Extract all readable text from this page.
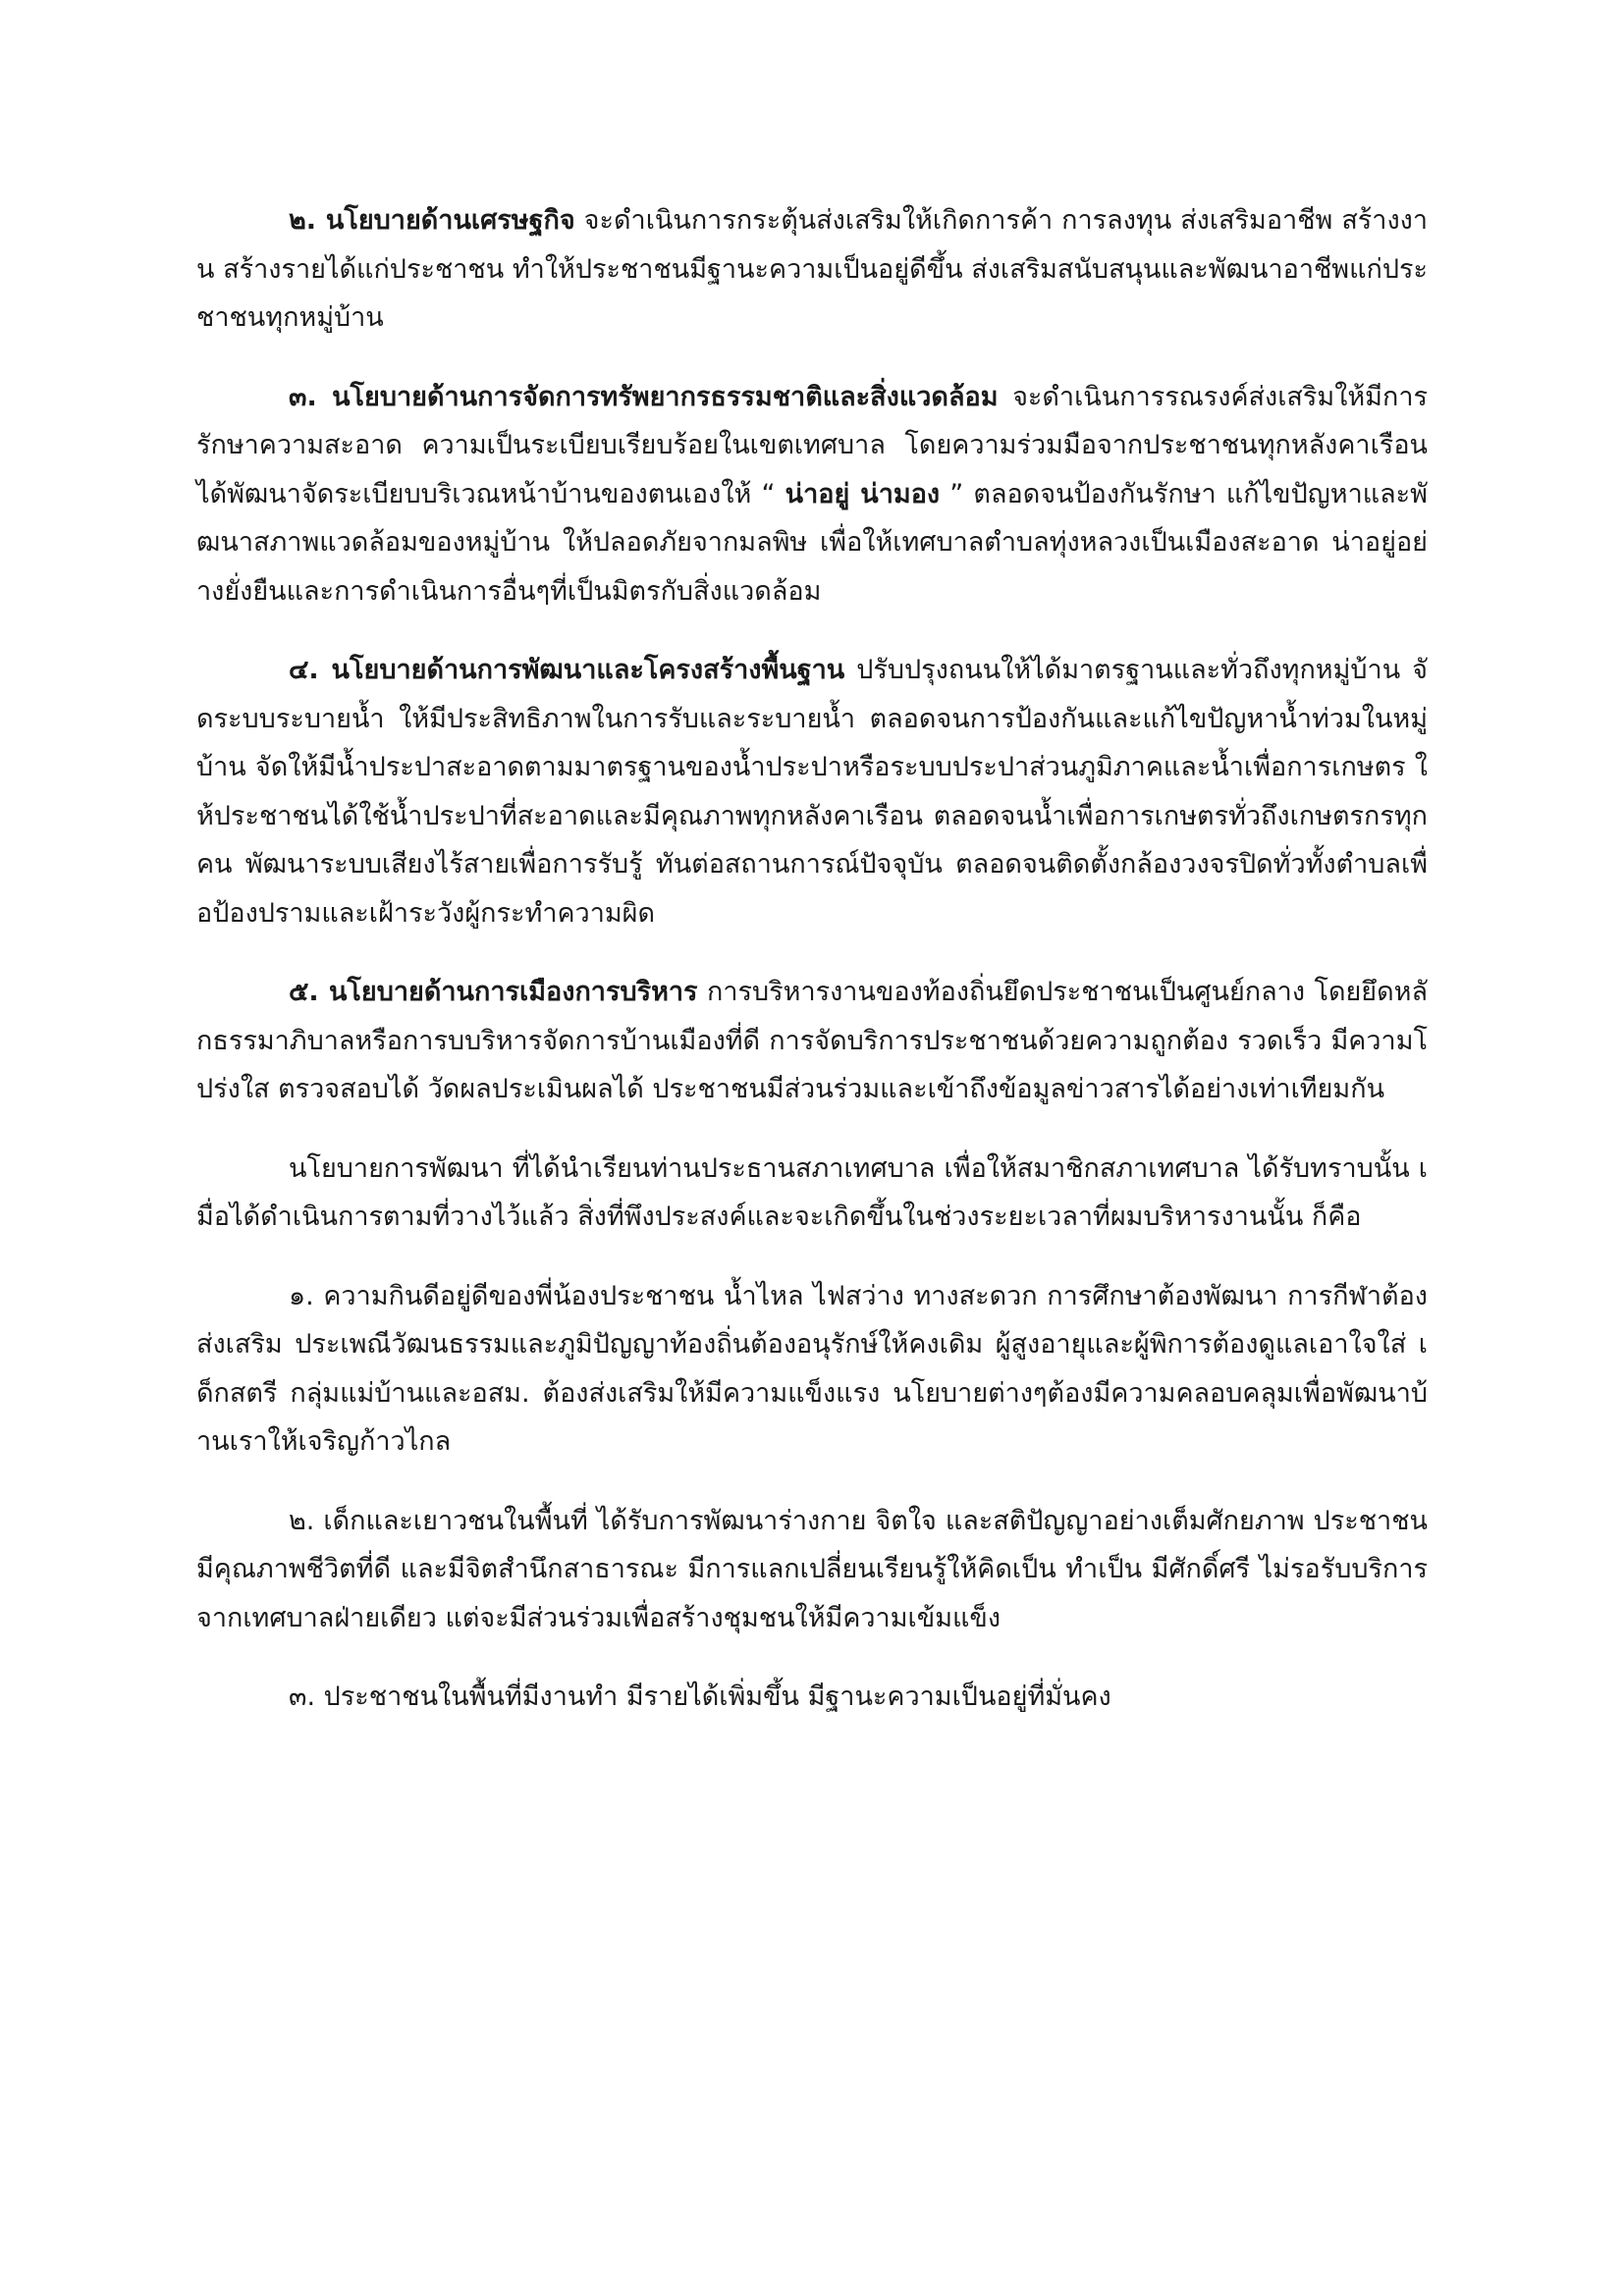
๒. นโยบายด้านเศรษฐกิจ จะดำเนินการกระตุ้นส่งเสริมให้เกิดการค้า การลงทุน ส่งเสริมอาชีพ สร้างงาน สร้างรายได้แก่ประชาชน ทำให้ประชาชนมีฐานะความเป็นอยู่ดีขึ้น ส่งเสริมสนับสนุนและพัฒนาอาชีพแก่ประชาชนทุกหมู่บ้าน

๓. นโยบายด้านการจัดการทรัพยากรธรรมชาติและสิ่งแวดล้อม จะดำเนินการรณรงค์ส่งเสริมให้มีการรักษาความสะอาด ความเป็นระเบียบเรียบร้อยในเขตเทศบาล โดยความร่วมมือจากประชาชนทุกหลังคาเรือน ได้พัฒนาจัดระเบียบบริเวณหน้าบ้านของตนเองให้ “ น่าอยู่ น่ามอง ” ตลอดจนป้องกันรักษา แก้ไขปัญหาและพัฒนาสภาพแวดล้อมของหมู่บ้าน ให้ปลอดภัยจากมลพิษ เพื่อให้เทศบาลตำบลทุ่งหลวงเป็นเมืองสะอาด น่าอยู่อย่างยั่งยืนและการดำเนินการอื่นๆที่เป็นมิตรกับสิ่งแวดล้อม

๔. นโยบายด้านการพัฒนาและโครงสร้างพื้นฐาน ปรับปรุงถนนให้ได้มาตรฐานและทั่วถึงทุกหมู่บ้าน จัดระบบระบายน้ำ ให้มีประสิทธิภาพในการรับและระบายน้ำ ตลอดจนการป้องกันและแก้ไขปัญหาน้ำท่วมในหมู่บ้าน จัดให้มีน้ำประปาสะอาดตามมาตรฐานของน้ำประปาหรือระบบประปาส่วนภูมิภาคและน้ำเพื่อการเกษตร ให้ประชาชนได้ใช้น้ำประปาที่สะอาดและมีคุณภาพทุกหลังคาเรือน ตลอดจนน้ำเพื่อการเกษตรทั่วถึงเกษตรกรทุกคน พัฒนาระบบเสียงไร้สายเพื่อการรับรู้ ทันต่อสถานการณ์ปัจจุบัน ตลอดจนติดตั้งกล้องวงจรปิดทั่วทั้งตำบลเพื่อป้องปรามและเฝ้าระวังผู้กระทำความผิด

๕. นโยบายด้านการเมืองการบริหาร การบริหารงานของท้องถิ่นยึดประชาชนเป็นศูนย์กลาง โดยยึดหลักธรรมาภิบาลหรือการบบริหารจัดการบ้านเมืองที่ดี การจัดบริการประชาชนด้วยความถูกต้อง รวดเร็ว มีความโปร่งใส ตรวจสอบได้ วัดผลประเมินผลได้ ประชาชนมีส่วนร่วมและเข้าถึงข้อมูลข่าวสารได้อย่างเท่าเทียมกัน

นโยบายการพัฒนา ที่ได้นำเรียนท่านประธานสภาเทศบาล เพื่อให้สมาชิกสภาเทศบาล ได้รับทราบนั้น เมื่อได้ดำเนินการตามที่วางไว้แล้ว สิ่งที่พึงประสงค์และจะเกิดขึ้นในช่วงระยะเวลาที่ผมบริหารงานนั้น ก็คือ

๑. ความกินดีอยู่ดีของพี่น้องประชาชน น้ำไหล ไฟสว่าง ทางสะดวก การศึกษาต้องพัฒนา การกีฬาต้องส่งเสริม ประเพณีวัฒนธรรมและภูมิปัญญาท้องถิ่นต้องอนุรักษ์ให้คงเดิม ผู้สูงอายุและผู้พิการต้องดูแลเอาใจใส่ เด็กสตรี กลุ่มแม่บ้านและอสม. ต้องส่งเสริมให้มีความแข็งแรง นโยบายต่างๆต้องมีความคลอบคลุมเพื่อพัฒนาบ้านเราให้เจริญก้าวไกล

๒. เด็กและเยาวชนในพื้นที่ ได้รับการพัฒนาร่างกาย จิตใจ และสติปัญญาอย่างเต็มศักยภาพ ประชาชนมีคุณภาพชีวิตที่ดี และมีจิตสำนึกสาธารณะ มีการแลกเปลี่ยนเรียนรู้ให้คิดเป็น ทำเป็น มีศักดิ์ศรี ไม่รอรับบริการจากเทศบาลฝ่ายเดียว แต่จะมีส่วนร่วมเพื่อสร้างชุมชนให้มีความเข้มแข็ง

๓. ประชาชนในพื้นที่มีงานทำ มีรายได้เพิ่มขึ้น มีฐานะความเป็นอยู่ที่มั่นคง
